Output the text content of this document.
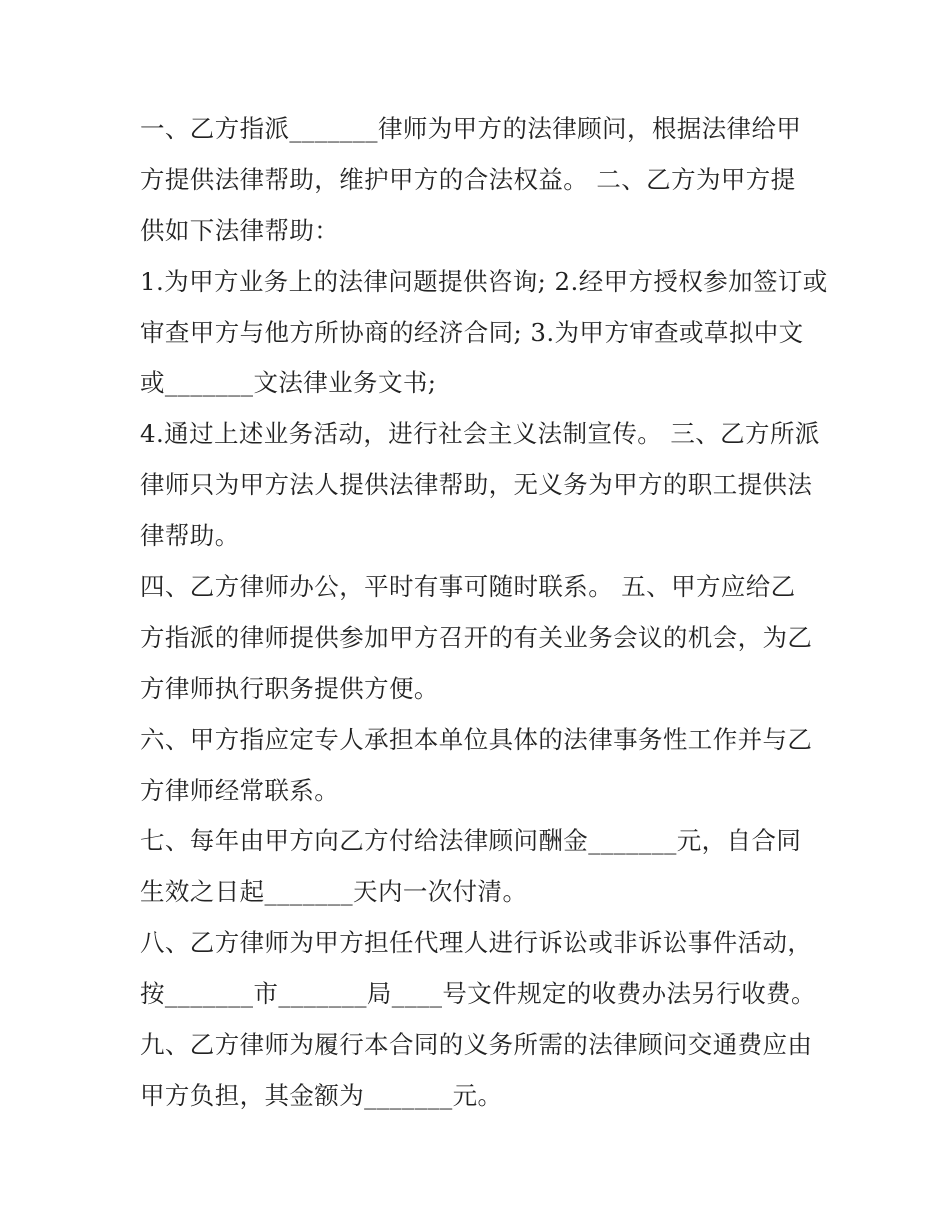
一、乙方指派_______律师为甲方的法律顾问，根据法律给甲
方提供法律帮助，维护甲方的合法权益。 二、乙方为甲方提
供如下法律帮助：
1.为甲方业务上的法律问题提供咨询; 2.经甲方授权参加签订或
审查甲方与他方所协商的经济合同; 3.为甲方审查或草拟中文
或_______文法律业务文书;
4.通过上述业务活动，进行社会主义法制宣传。 三、乙方所派
律师只为甲方法人提供法律帮助，无义务为甲方的职工提供法
律帮助。
四、乙方律师办公，平时有事可随时联系。 五、甲方应给乙
方指派的律师提供参加甲方召开的有关业务会议的机会，为乙
方律师执行职务提供方便。
六、甲方指应定专人承担本单位具体的法律事务性工作并与乙
方律师经常联系。
七、每年由甲方向乙方付给法律顾问酬金_______元，自合同
生效之日起_______天内一次付清。
八、乙方律师为甲方担任代理人进行诉讼或非诉讼事件活动，
按_______市_______局____号文件规定的收费办法另行收费。
九、乙方律师为履行本合同的义务所需的法律顾问交通费应由
甲方负担，其金额为_______元。
